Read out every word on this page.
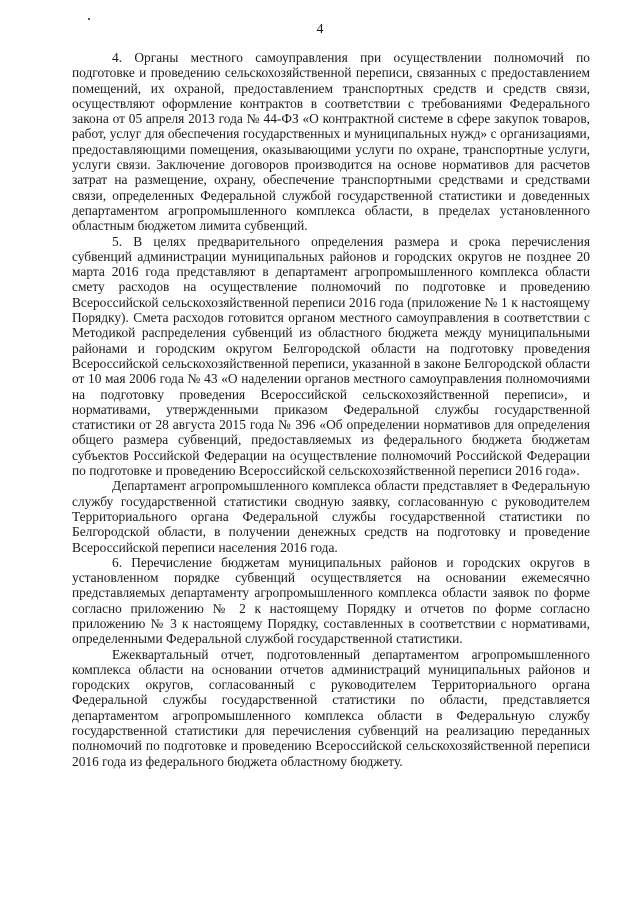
4

4. Органы местного самоуправления при осуществлении полномочий по подготовке и проведению сельскохозяйственной переписи, связанных с предоставлением помещений, их охраной, предоставлением транспортных средств и средств связи, осуществляют оформление контрактов в соответствии с требованиями Федерального закона от 05 апреля 2013 года № 44-ФЗ «О контрактной системе в сфере закупок товаров, работ, услуг для обеспечения государственных и муниципальных нужд» с организациями, предоставляющими помещения, оказывающими услуги по охране, транспортные услуги, услуги связи. Заключение договоров производится на основе нормативов для расчетов затрат на размещение, охрану, обеспечение транспортными средствами и средствами связи, определенных Федеральной службой государственной статистики и доведенных департаментом агропромышленного комплекса области, в пределах установленного областным бюджетом лимита субвенций.

5. В целях предварительного определения размера и срока перечисления субвенций администрации муниципальных районов и городских округов не позднее 20 марта 2016 года представляют в департамент агропромышленного комплекса области смету расходов на осуществление полномочий по подготовке и проведению Всероссийской сельскохозяйственной переписи 2016 года (приложение № 1 к настоящему Порядку). Смета расходов готовится органом местного самоуправления в соответствии с Методикой распределения субвенций из областного бюджета между муниципальными районами и городским округом Белгородской области на подготовку проведения Всероссийской сельскохозяйственной переписи, указанной в законе Белгородской области от 10 мая 2006 года № 43 «О наделении органов местного самоуправления полномочиями на подготовку проведения Всероссийской сельскохозяйственной переписи», и нормативами, утвержденными приказом Федеральной службы государственной статистики от 28 августа 2015 года № 396 «Об определении нормативов для определения общего размера субвенций, предоставляемых из федерального бюджета бюджетам субъектов Российской Федерации на осуществление полномочий Российской Федерации по подготовке и проведению Всероссийской сельскохозяйственной переписи 2016 года».

Департамент агропромышленного комплекса области представляет в Федеральную службу государственной статистики сводную заявку, согласованную с руководителем Территориального органа Федеральной службы государственной статистики по Белгородской области, в получении денежных средств на подготовку и проведение Всероссийской переписи населения 2016 года.

6. Перечисление бюджетам муниципальных районов и городских округов в установленном порядке субвенций осуществляется на основании ежемесячно представляемых департаменту агропромышленного комплекса области заявок по форме согласно приложению № 2 к настоящему Порядку и отчетов по форме согласно приложению № 3 к настоящему Порядку, составленных в соответствии с нормативами, определенными Федеральной службой государственной статистики.

Ежеквартальный отчет, подготовленный департаментом агропромышленного комплекса области на основании отчетов администраций муниципальных районов и городских округов, согласованный с руководителем Территориального органа Федеральной службы государственной статистики по области, представляется департаментом агропромышленного комплекса области в Федеральную службу государственной статистики для перечисления субвенций на реализацию переданных полномочий по подготовке и проведению Всероссийской сельскохозяйственной переписи 2016 года из федерального бюджета областному бюджету.
